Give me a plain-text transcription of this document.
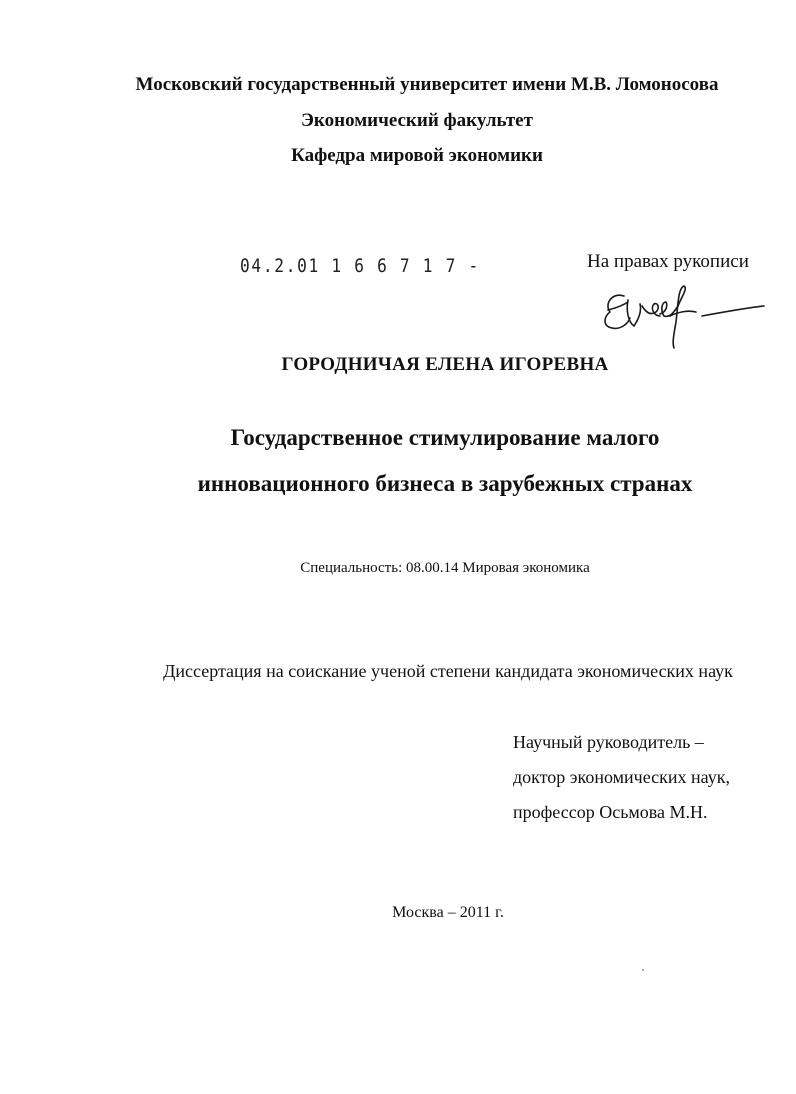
Московский государственный университет имени М.В. Ломоносова
Экономический факультет
Кафедра мировой экономики
04.2.01 1 6 6 7 1 7 -	На правах рукописи
ГОРОДНИЧАЯ ЕЛЕНА ИГОРЕВНА
Государственное стимулирование малого
инновационного бизнеса в зарубежных странах
Специальность: 08.00.14 Мировая экономика
Диссертация на соискание ученой степени кандидата экономических наук
Научный руководитель –
доктор экономических наук,
профессор Осьмова М.Н.
Москва – 2011 г.
